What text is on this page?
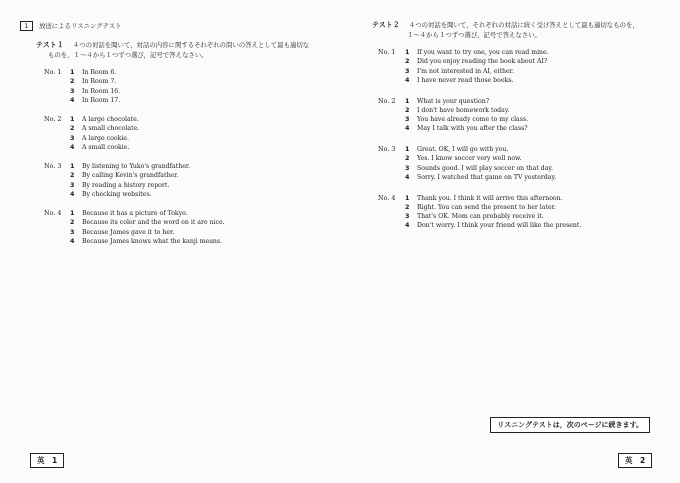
1	放送によるリスニングテスト
テスト１ ４つの対話を聞いて，対話の内容に関するそれぞれの問いの答えとして最も適切な
ものを，１～４から１つずつ選び，記号で答えなさい。
No. 1 1 In Room 6.
2 In Room 7.
3 In Room 16.
4 In Room 17.
No. 2 1 A large chocolate.
2 A small chocolate.
3 A large cookie.
4 A small cookie.
No. 3 1 By listening to Yuko's grandfather.
2 By calling Kevin's grandfather.
3 By reading a history report.
4 By checking websites.
No. 4 1 Because it has a picture of Tokyo.
2 Because its color and the word on it are nice.
3 Because James gave it to her.
4 Because James knows what the kanji means.
テスト２ ４つの対話を聞いて，それぞれの対話に続く受け答えとして最も適切なものを，
１～４から１つずつ選び，記号で答えなさい。
No. 1 1 If you want to try one, you can read mine.
2 Did you enjoy reading the book about AI?
3 I'm not interested in AI, either.
4 I have never read those books.
No. 2 1 What is your question?
2 I don't have homework today.
3 You have already come to my class.
4 May I talk with you after the class?
No. 3 1 Great. OK, I will go with you.
2 Yes. I know soccer very well now.
3 Sounds good. I will play soccer on that day.
4 Sorry. I watched that game on TV yesterday.
No. 4 1 Thank you. I think it will arrive this afternoon.
2 Right. You can send the present to her later.
3 That's OK. Mom can probably receive it.
4 Don't worry. I think your friend will like the present.
リスニングテストは，次のページに続きます。
英　1	英　2
